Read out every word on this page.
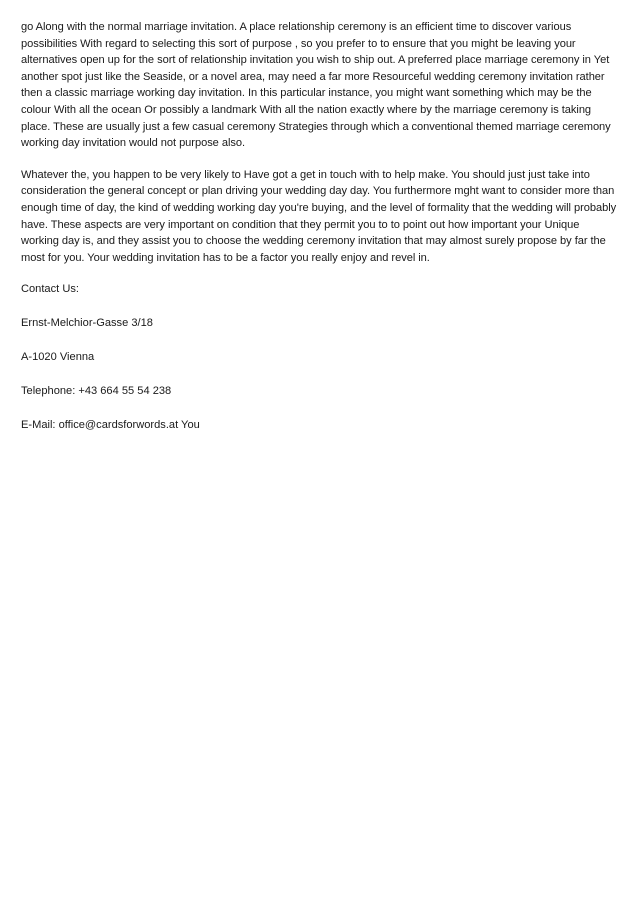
go Along with the normal marriage invitation. A place relationship ceremony is an efficient time to discover various possibilities With regard to selecting this sort of purpose , so you prefer to to ensure that you might be leaving your alternatives open up for the sort of relationship invitation you wish to ship out. A preferred place marriage ceremony in Yet another spot just like the Seaside, or a novel area, may need a far more Resourceful wedding ceremony invitation rather then a classic marriage working day invitation. In this particular instance, you might want something which may be the colour With all the ocean Or possibly a landmark With all the nation exactly where by the marriage ceremony is taking place. These are usually just a few casual ceremony Strategies through which a conventional themed marriage ceremony working day invitation would not purpose also.

Whatever the, you happen to be very likely to Have got a get in touch with to help make. You should just just take into consideration the general concept or plan driving your wedding day day. You furthermore mght want to consider more than enough time of day, the kind of wedding working day you're buying, and the level of formality that the wedding will probably have. These aspects are very important on condition that they permit you to to point out how important your Unique working day is, and they assist you to choose the wedding ceremony invitation that may almost surely propose by far the most for you. Your wedding invitation has to be a factor you really enjoy and revel in.

Contact Us:

Ernst-Melchior-Gasse 3/18

A-1020 Vienna

Telephone: +43 664 55 54 238

E-Mail: office@cardsforwords.at You
